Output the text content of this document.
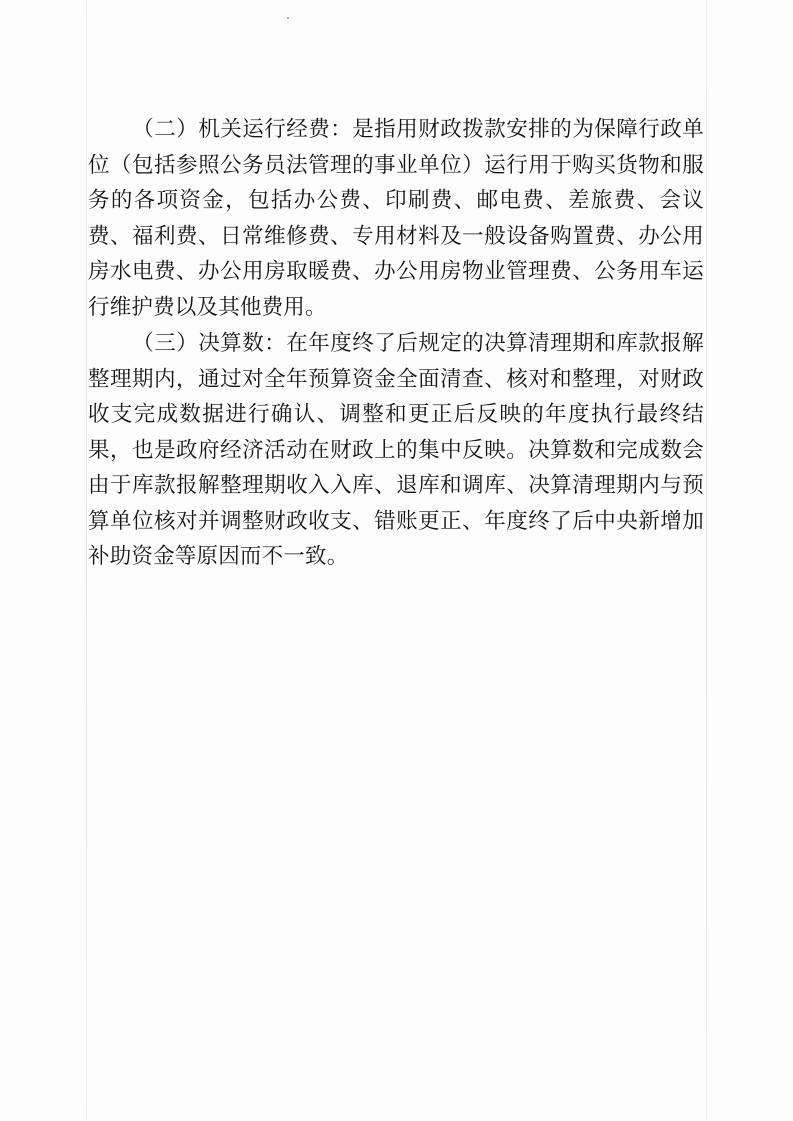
（二）机关运行经费：是指用财政拨款安排的为保障行政单位（包括参照公务员法管理的事业单位）运行用于购买货物和服务的各项资金，包括办公费、印刷费、邮电费、差旅费、会议费、福利费、日常维修费、专用材料及一般设备购置费、办公用房水电费、办公用房取暖费、办公用房物业管理费、公务用车运行维护费以及其他费用。

（三）决算数：在年度终了后规定的决算清理期和库款报解整理期内，通过对全年预算资金全面清查、核对和整理，对财政收支完成数据进行确认、调整和更正后反映的年度执行最终结果，也是政府经济活动在财政上的集中反映。决算数和完成数会由于库款报解整理期收入入库、退库和调库、决算清理期内与预算单位核对并调整财政收支、错账更正、年度终了后中央新增加补助资金等原因而不一致。
